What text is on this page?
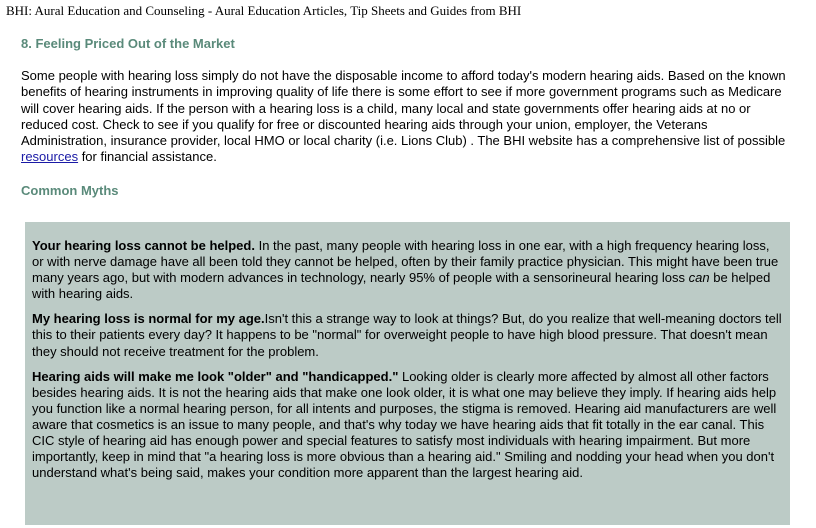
BHI: Aural Education and Counseling - Aural Education Articles, Tip Sheets and Guides from BHI
8. Feeling Priced Out of the Market

Some people with hearing loss simply do not have the disposable income to afford today's modern hearing aids. Based on the known benefits of hearing instruments in improving quality of life there is some effort to see if more government programs such as Medicare will cover hearing aids. If the person with a hearing loss is a child, many local and state governments offer hearing aids at no or reduced cost. Check to see if you qualify for free or discounted hearing aids through your union, employer, the Veterans Administration, insurance provider, local HMO or local charity (i.e. Lions Club) . The BHI website has a comprehensive list of possible resources for financial assistance.

Common Myths

Your hearing loss cannot be helped. In the past, many people with hearing loss in one ear, with a high frequency hearing loss, or with nerve damage have all been told they cannot be helped, often by their family practice physician. This might have been true many years ago, but with modern advances in technology, nearly 95% of people with a sensorineural hearing loss can be helped with hearing aids.

My hearing loss is normal for my age.Isn't this a strange way to look at things? But, do you realize that well-meaning doctors tell this to their patients every day? It happens to be "normal" for overweight people to have high blood pressure. That doesn't mean they should not receive treatment for the problem.

Hearing aids will make me look "older" and "handicapped." Looking older is clearly more affected by almost all other factors besides hearing aids. It is not the hearing aids that make one look older, it is what one may believe they imply. If hearing aids help you function like a normal hearing person, for all intents and purposes, the stigma is removed. Hearing aid manufacturers are well aware that cosmetics is an issue to many people, and that's why today we have hearing aids that fit totally in the ear canal. This CIC style of hearing aid has enough power and special features to satisfy most individuals with hearing impairment. But more importantly, keep in mind that "a hearing loss is more obvious than a hearing aid." Smiling and nodding your head when you don't understand what's being said, makes your condition more apparent than the largest hearing aid.
